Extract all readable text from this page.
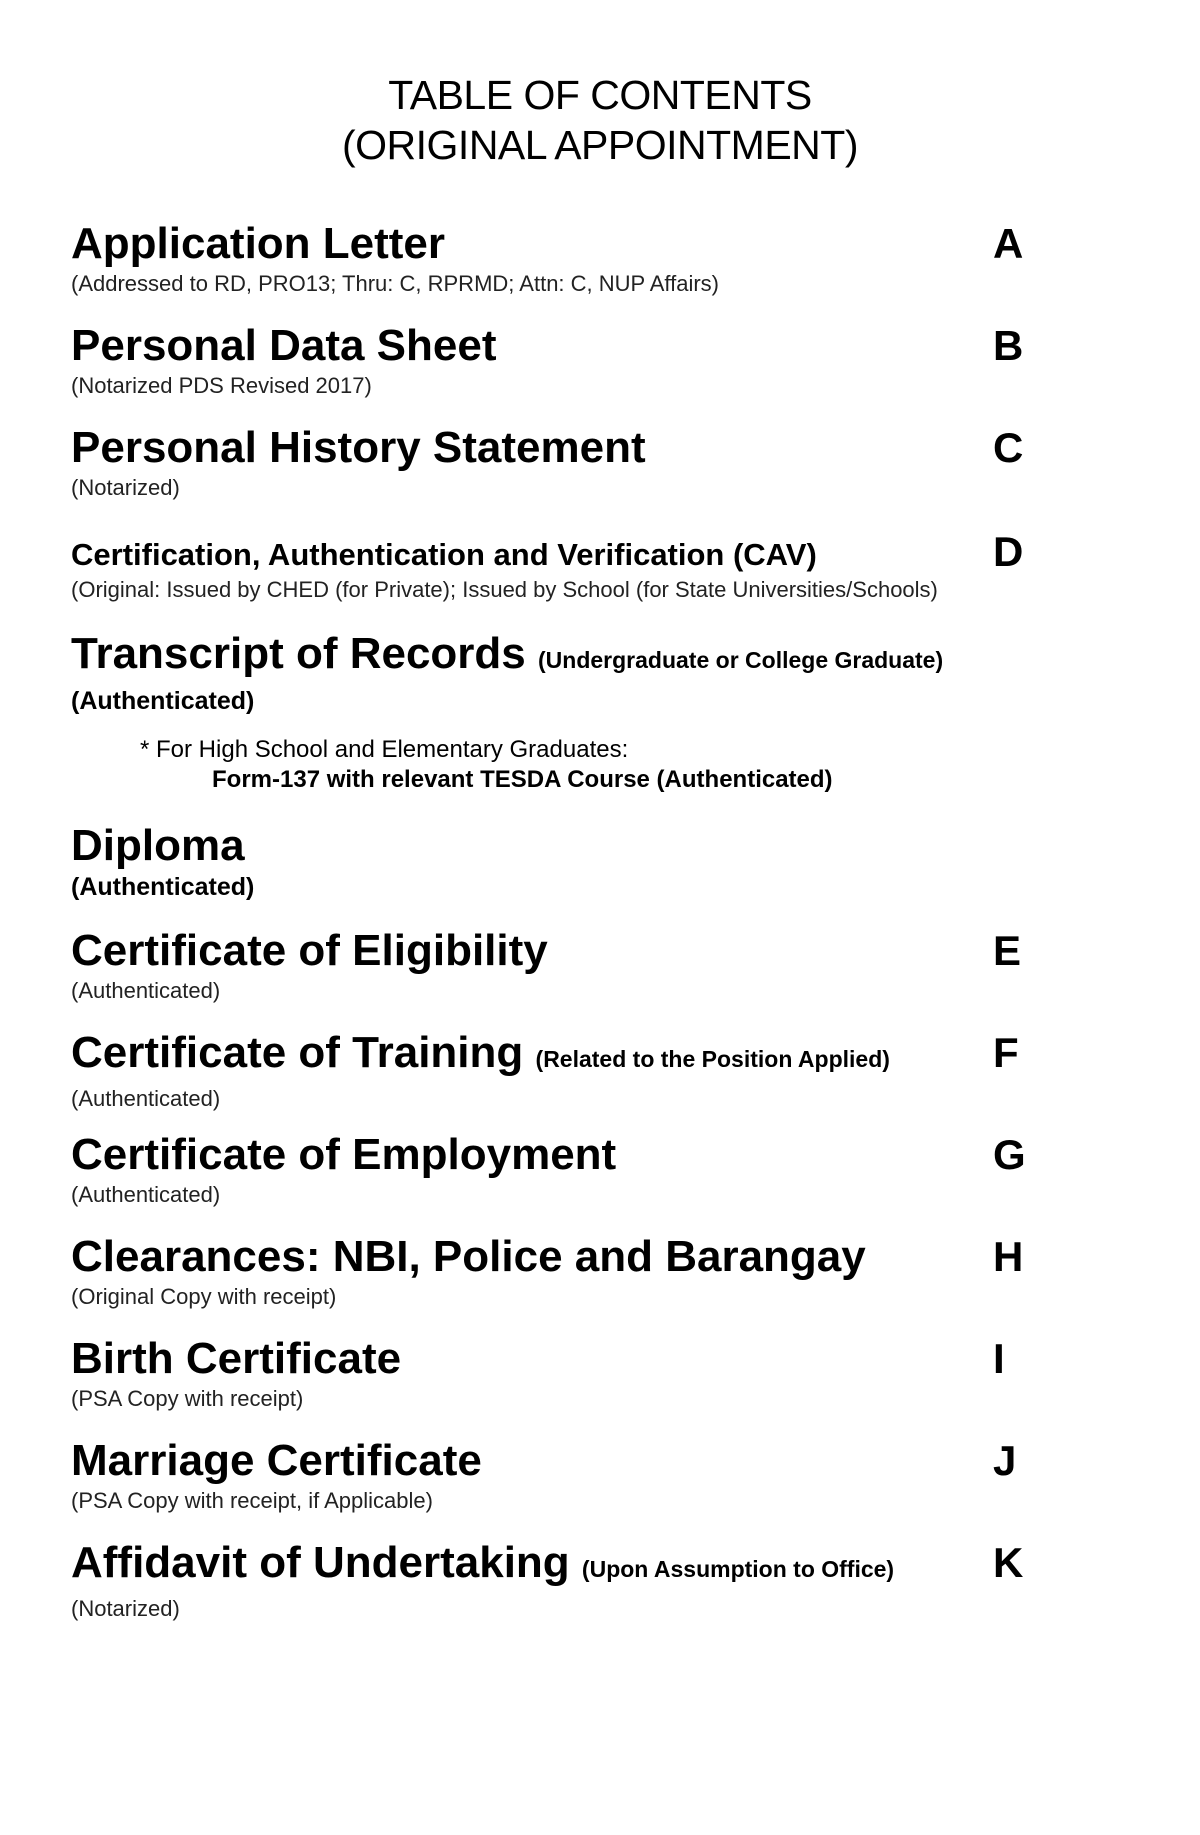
TABLE OF CONTENTS
(ORIGINAL APPOINTMENT)
Application Letter
(Addressed to RD, PRO13; Thru: C, RPRMD; Attn: C, NUP Affairs)
A
Personal Data Sheet
(Notarized PDS Revised 2017)
B
Personal History Statement
(Notarized)
C
Certification, Authentication and Verification (CAV)
(Original: Issued by CHED (for Private); Issued by School (for State Universities/Schools)
D
Transcript of Records (Undergraduate or College Graduate)
(Authenticated)
* For High School and Elementary Graduates:
Form-137 with relevant TESDA Course (Authenticated)
Diploma
(Authenticated)
Certificate of Eligibility
(Authenticated)
E
Certificate of Training (Related to the Position Applied)
(Authenticated)
F
Certificate of Employment
(Authenticated)
G
Clearances: NBI, Police and Barangay
(Original Copy with receipt)
H
Birth Certificate
(PSA Copy with receipt)
I
Marriage Certificate
(PSA Copy with receipt, if Applicable)
J
Affidavit of Undertaking (Upon Assumption to Office)
(Notarized)
K
